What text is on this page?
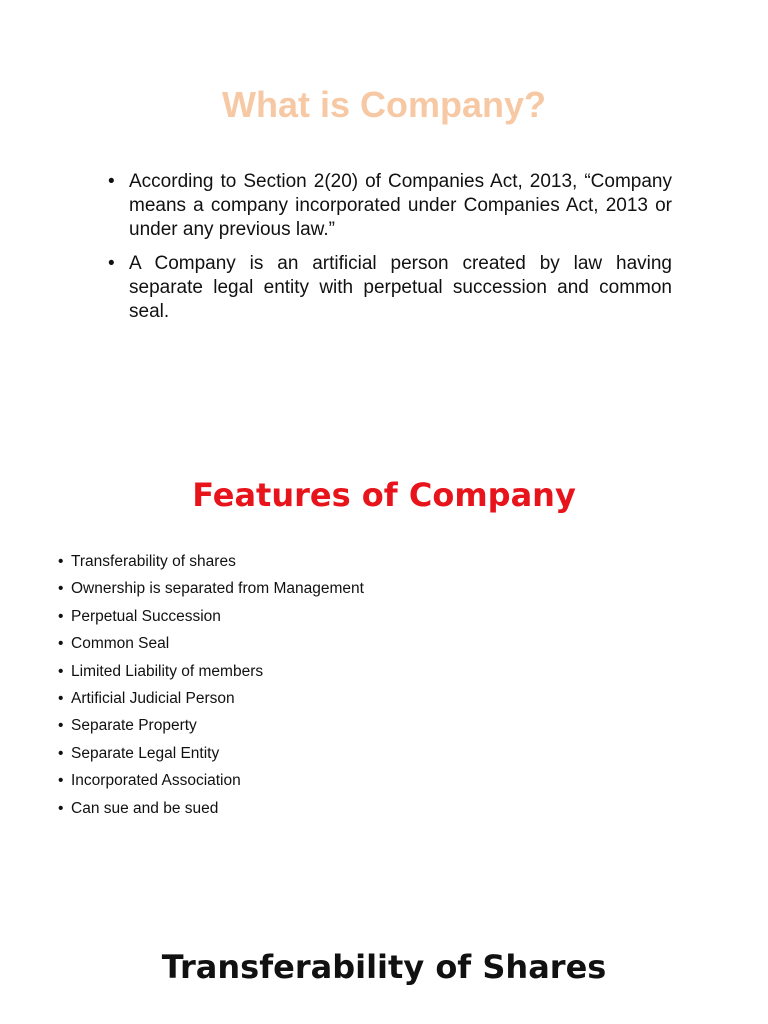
What is Company?
• According to Section 2(20) of Companies Act, 2013, “Company means a company incorporated under Companies Act, 2013 or under any previous law.”
• A Company is an artificial person created by law having separate legal entity with perpetual succession and common seal.
Features of Company
• Transferability of shares
• Ownership is separated from Management
• Perpetual Succession
• Common Seal
• Limited Liability of members
• Artificial Judicial Person
• Separate Property
• Separate Legal Entity
• Incorporated Association
• Can sue and be sued
Transferability of Shares
